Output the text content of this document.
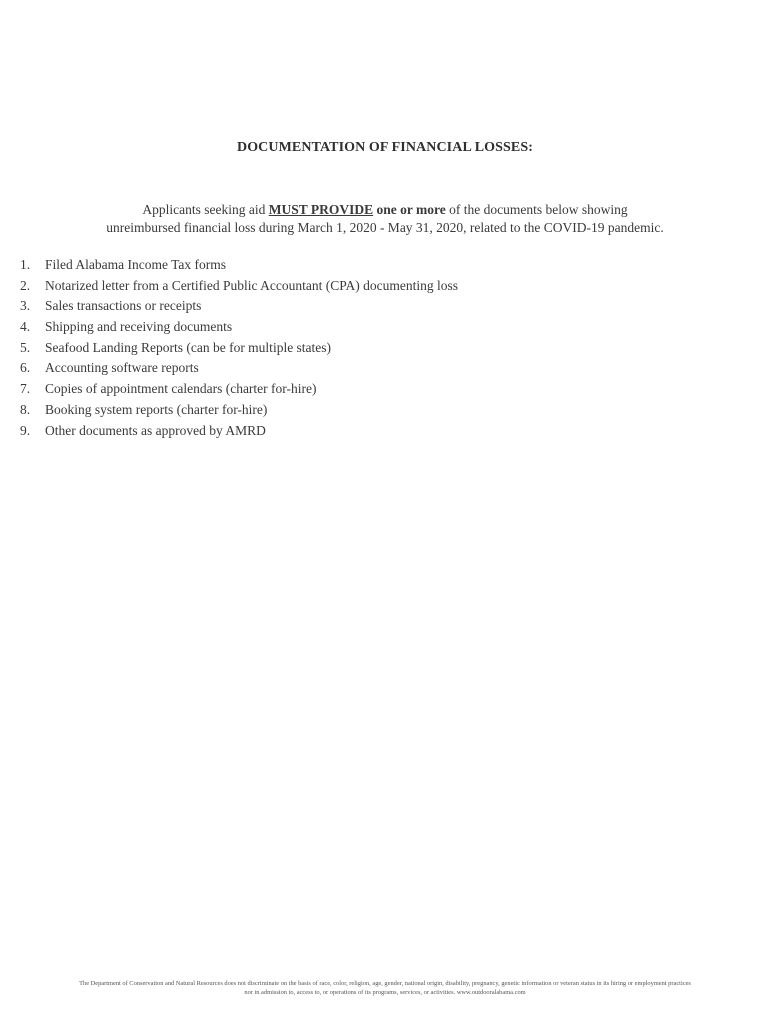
DOCUMENTATION OF FINANCIAL LOSSES:
Applicants seeking aid MUST PROVIDE one or more of the documents below showing
unreimbursed financial loss during March 1, 2020 - May 31, 2020, related to the COVID-19 pandemic.
1. Filed Alabama Income Tax forms
2. Notarized letter from a Certified Public Accountant (CPA) documenting loss
3. Sales transactions or receipts
4. Shipping and receiving documents
5. Seafood Landing Reports (can be for multiple states)
6. Accounting software reports
7. Copies of appointment calendars (charter for-hire)
8. Booking system reports (charter for-hire)
9. Other documents as approved by AMRD
The Department of Conservation and Natural Resources does not discriminate on the basis of race, color, religion, age, gender, national origin, disability, pregnancy, genetic information or veteran status in its hiring or employment practices
nor in admission to, access to, or operations of its programs, services, or activities. www.outdooralabama.com
